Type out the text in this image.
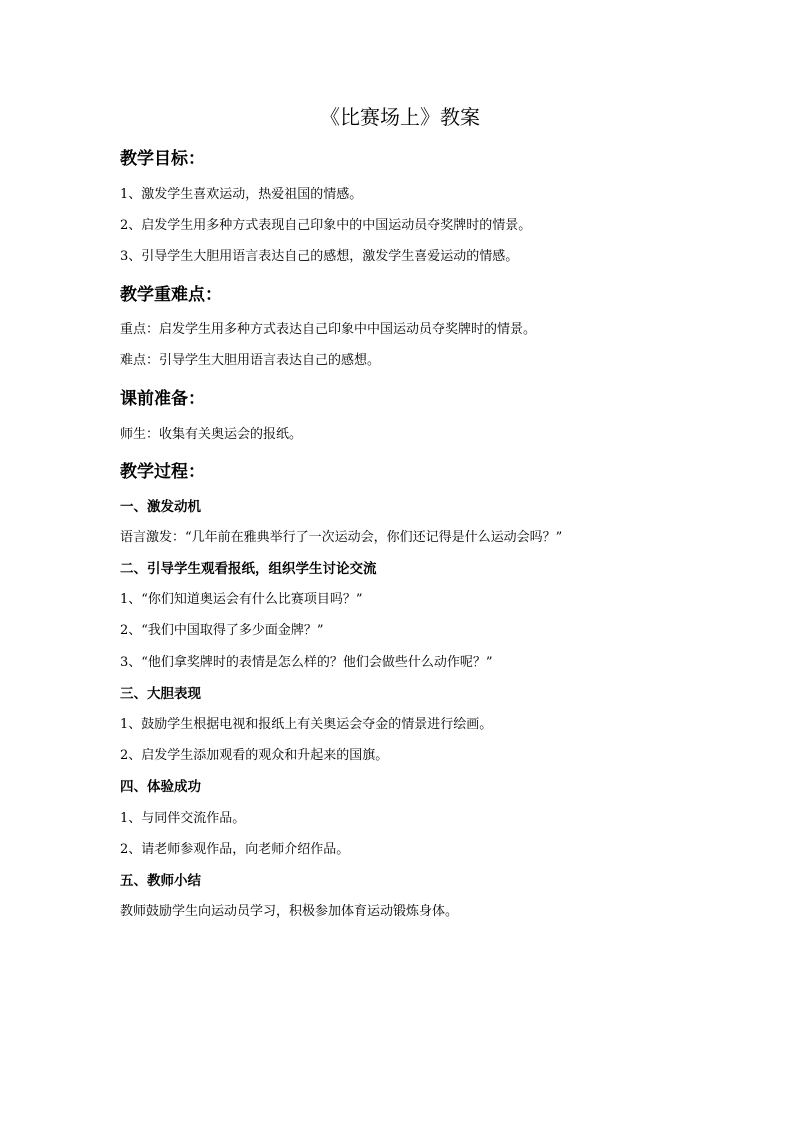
《比赛场上》教案
教学目标：
1、激发学生喜欢运动，热爱祖国的情感。
2、启发学生用多种方式表现自己印象中的中国运动员夺奖牌时的情景。
3、引导学生大胆用语言表达自己的感想，激发学生喜爱运动的情感。
教学重难点：
重点：启发学生用多种方式表达自己印象中中国运动员夺奖牌时的情景。
难点：引导学生大胆用语言表达自己的感想。
课前准备：
师生：收集有关奥运会的报纸。
教学过程：
一、激发动机
语言激发：“几年前在雅典举行了一次运动会，你们还记得是什么运动会吗？”
二、引导学生观看报纸，组织学生讨论交流
1、“你们知道奥运会有什么比赛项目吗？”
2、“我们中国取得了多少面金牌？”
3、“他们拿奖牌时的表情是怎么样的？他们会做些什么动作呢？”
三、大胆表现
1、鼓励学生根据电视和报纸上有关奥运会夺金的情景进行绘画。
2、启发学生添加观看的观众和升起来的国旗。
四、体验成功
1、与同伴交流作品。
2、请老师参观作品，向老师介绍作品。
五、教师小结
教师鼓励学生向运动员学习，积极参加体育运动锻炼身体。
